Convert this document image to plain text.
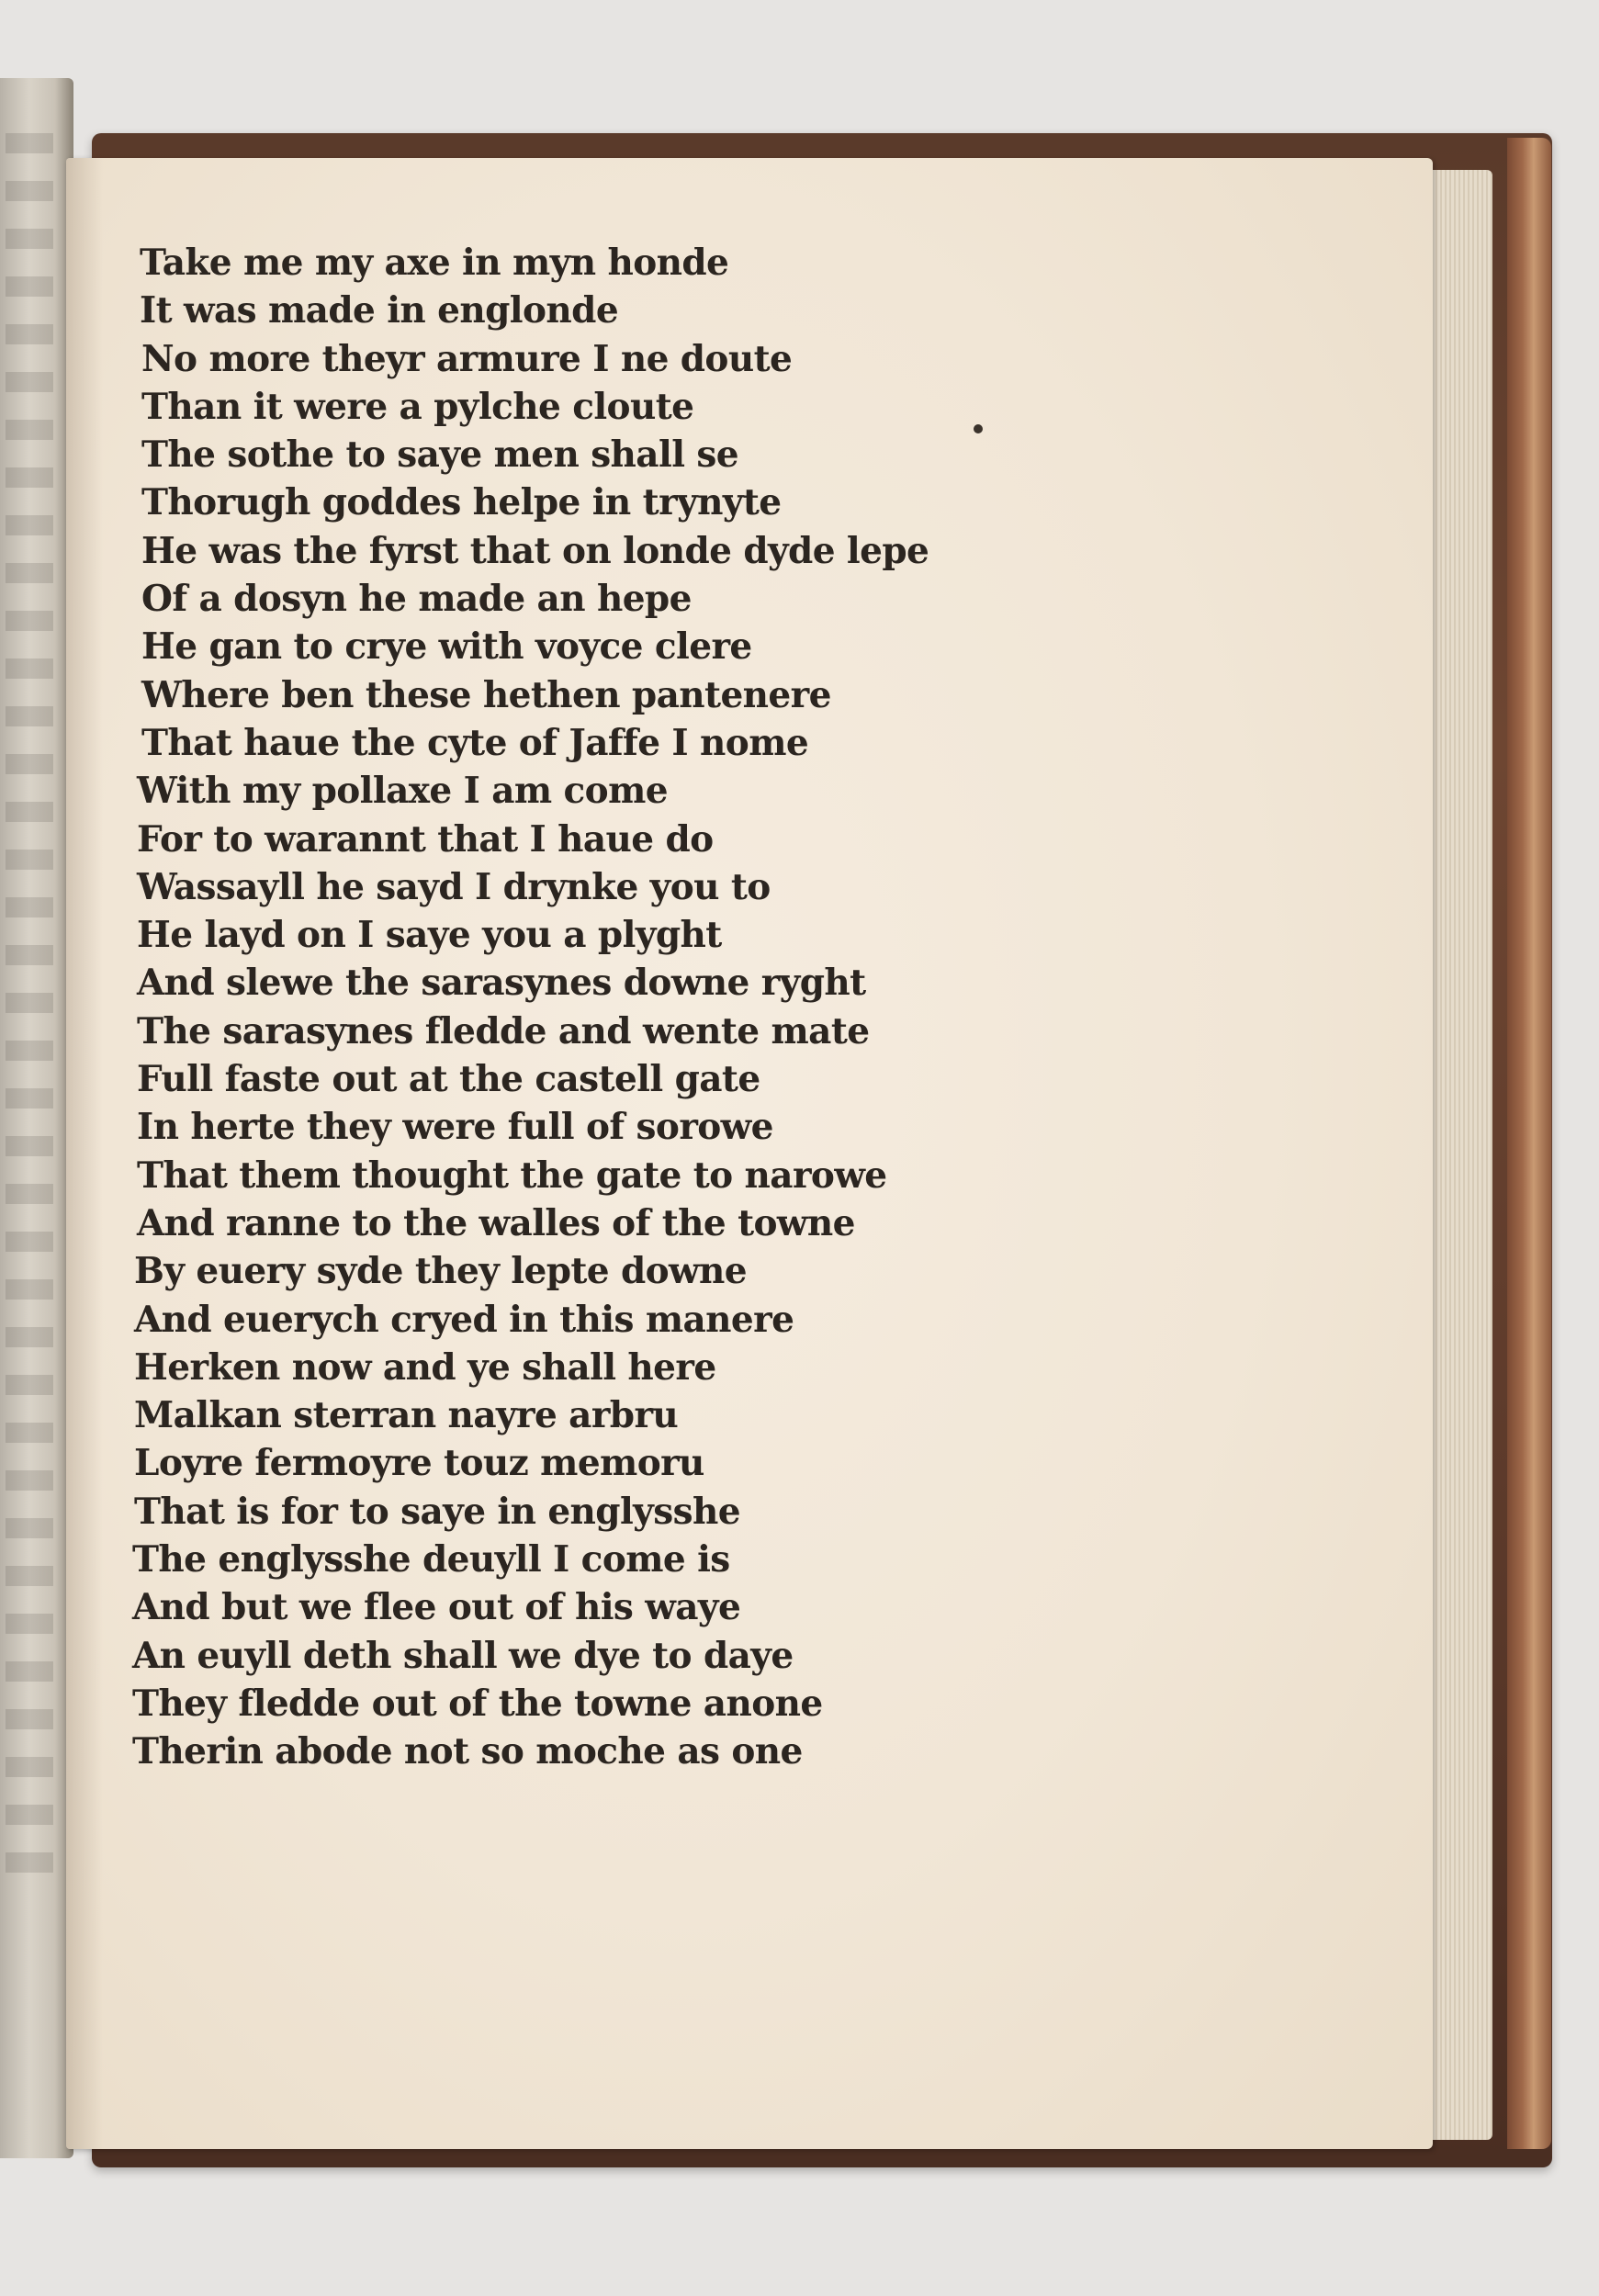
Take me my axe in myn honde
It was made in englonde
No more theyr armure I ne doute
Than it were a pylche cloute
The sothe to saye men shall se
Thorugh goddes helpe in trynyte
He was the fyrst that on londe dyde lepe
Of a dosyn he made an hepe
He gan to crye with voyce clere
Where ben these hethen pantenere
That haue the cyte of Jaffe I nome
With my pollaxe I am come
For to warannt that I haue do
Wassayll he sayd I drynke you to
He layd on I saye you a plyght
And slewe the sarasynes downe ryght
The sarasynes fledde and wente mate
Full faste out at the castell gate
In herte they were full of sorowe
That them thought the gate to narowe
And ranne to the walles of the towne
By euery syde they lepte downe
And euerych cryed in this manere
Herken now and ye shall here
Malkan sterran nayre arbru
Loyre fermoyre touz memoru
That is for to saye in englysshe
The englysshe deuyll I come is
And but we flee out of his waye
An euyll deth shall we dye to daye
They fledde out of the towne anone
Therin abode not so moche as one
